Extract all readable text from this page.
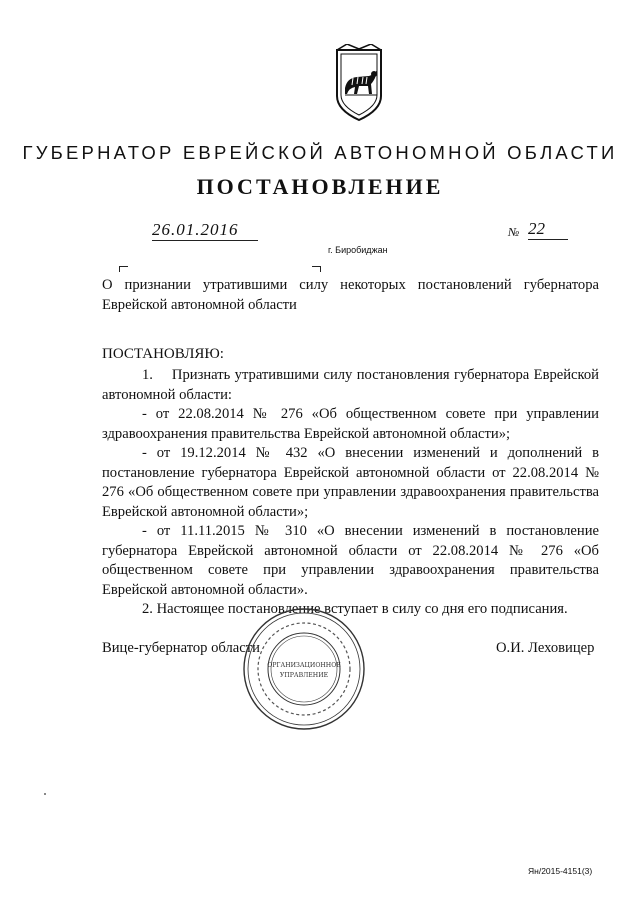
ГУБЕРНАТОР ЕВРЕЙСКОЙ АВТОНОМНОЙ ОБЛАСТИ
ПОСТАНОВЛЕНИЕ
26.01.2016	№ 22
г. Биробиджан
О признании утратившими силу некоторых постановлений губернатора Еврейской автономной области
ПОСТАНОВЛЯЮ:
1.  Признать утратившими силу постановления губернатора Еврейской автономной области:
- от 22.08.2014 № 276 «Об общественном совете при управлении здравоохранения правительства Еврейской автономной области»;
- от 19.12.2014 № 432 «О внесении изменений и дополнений в постановление губернатора Еврейской автономной области от 22.08.2014 № 276 «Об общественном совете при управлении здравоохранения правительства Еврейской автономной области»;
- от 11.11.2015 № 310 «О внесении изменений в постановление губернатора Еврейской автономной области от 22.08.2014 № 276 «Об общественном совете при управлении здравоохранения правительства Еврейской автономной области».
2. Настоящее постановление вступает в силу со дня его подписания.
Вице-губернатор области	О.И. Леховицер
ОРГАНИЗАЦИОННОЕ
УПРАВЛЕНИЕ
Ян/2015-4151(3)
